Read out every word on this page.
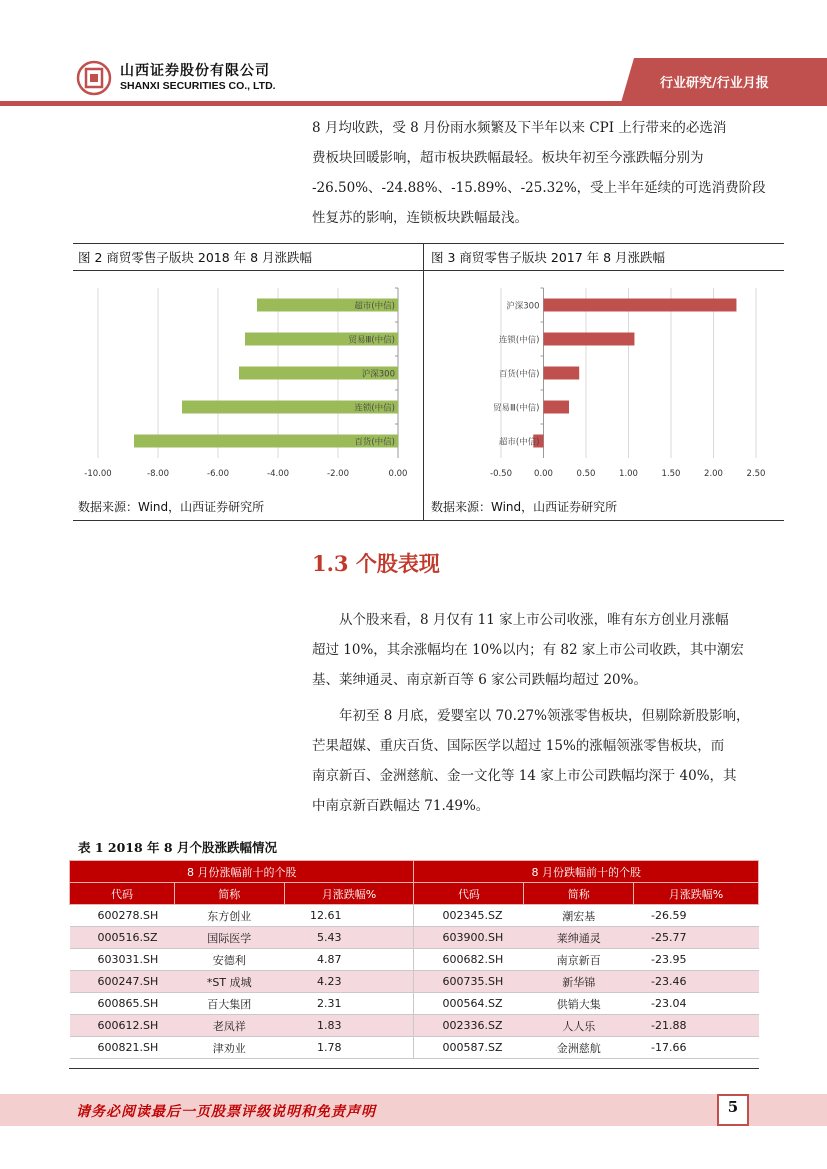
山西证券股份有限公司
SHANXI SECURITIES CO., LTD.	行业研究/行业月报
8 月均收跌，受 8 月份雨水频繁及下半年以来 CPI 上行带来的必选消
费板块回暖影响，超市板块跌幅最轻。板块年初至今涨跌幅分别为
-26.50%、-24.88%、-15.89%、-25.32%，受上半年延续的可选消费阶段
性复苏的影响，连锁板块跌幅最浅。
图 2 商贸零售子版块 2018 年 8 月涨跌幅	图 3 商贸零售子版块 2017 年 8 月涨跌幅
-10.00	-8.00	-6.00	-4.00	-2.00	0.00
超市(中信)
贸易Ⅲ(中信)
沪深300
连锁(中信)
百货(中信)
-0.50	0.00	0.50	1.00	1.50	2.00	2.50
沪深300
连锁(中信)
百货(中信)
贸易Ⅲ(中信)
超市(中信)
数据来源：Wind，山西证券研究所	数据来源：Wind，山西证券研究所
1.3 个股表现
从个股来看，8 月仅有 11 家上市公司收涨，唯有东方创业月涨幅
超过 10%，其余涨幅均在 10%以内；有 82 家上市公司收跌，其中潮宏
基、莱绅通灵、南京新百等 6 家公司跌幅均超过 20%。
年初至 8 月底，爱婴室以 70.27%领涨零售板块，但剔除新股影响，
芒果超媒、重庆百货、国际医学以超过 15%的涨幅领涨零售板块，而
南京新百、金洲慈航、金一文化等 14 家上市公司跌幅均深于 40%，其
中南京新百跌幅达 71.49%。
表 1 2018 年 8 月个股涨跌幅情况
8 月份涨幅前十的个股			8 月份跌幅前十的个股		
代码	简称	月涨跌幅%	代码	简称	月涨跌幅%
600278.SH	东方创业	12.61	002345.SZ	潮宏基	-26.59
000516.SZ	国际医学	5.43	603900.SH	莱绅通灵	-25.77
603031.SH	安德利	4.87	600682.SH	南京新百	-23.95
600247.SH	*ST 成城	4.23	600735.SH	新华锦	-23.46
600865.SH	百大集团	2.31	000564.SZ	供销大集	-23.04
600612.SH	老凤祥	1.83	002336.SZ	人人乐	-21.88
600821.SH	津劝业	1.78	000587.SZ	金洲慈航	-17.66
请务必阅读最后一页股票评级说明和免责声明	5
